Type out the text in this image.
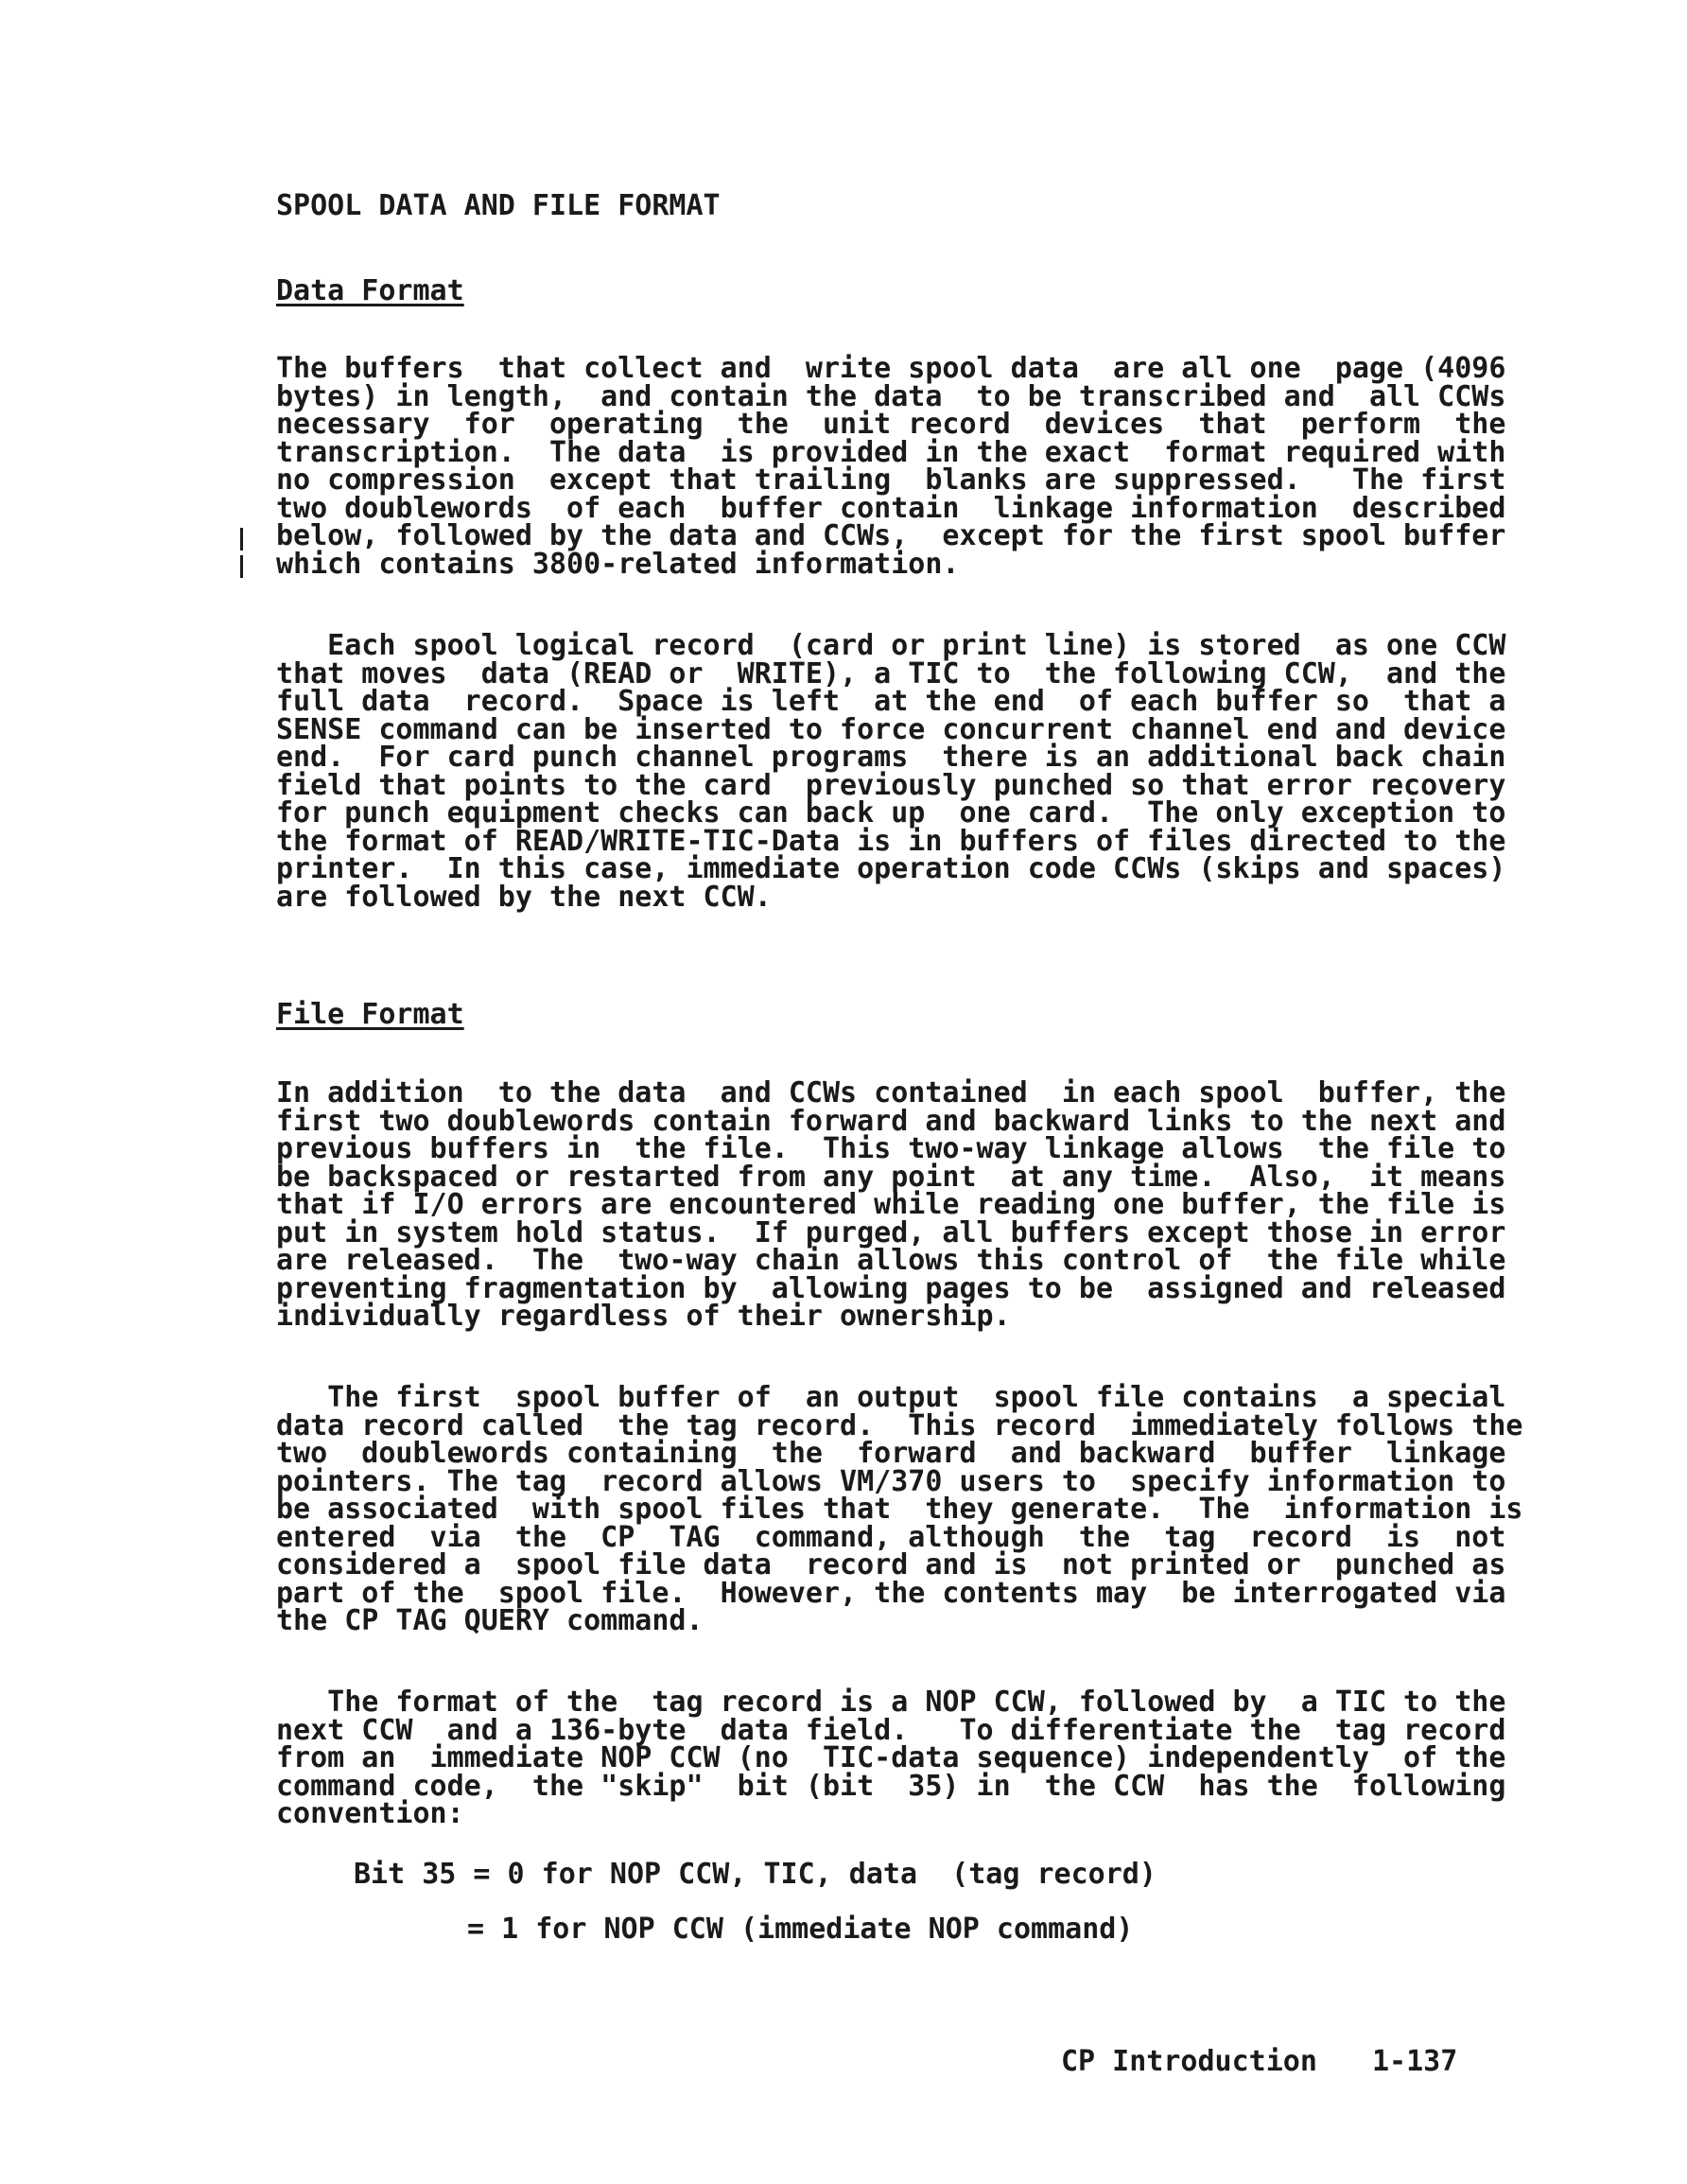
SPOOL DATA AND FILE FORMAT
Data Format
The buffers  that collect and  write spool data  are all one  page (4096
bytes) in length,  and contain the data  to be transcribed and  all CCWs
necessary  for  operating  the  unit record  devices  that  perform  the
transcription.  The data  is provided in the exact  format required with
no compression  except that trailing  blanks are suppressed.   The first
two doublewords  of each  buffer contain  linkage information  described
below, followed by the data and CCWs,  except for the first spool buffer
which contains 3800-related information.
Each spool logical record  (card or print line) is stored  as one CCW
that moves  data (READ or  WRITE), a TIC to  the following CCW,  and the
full data  record.  Space is left  at the end  of each buffer so  that a
SENSE command can be inserted to force concurrent channel end and device
end.  For card punch channel programs  there is an additional back chain
field that points to the card  previously punched so that error recovery
for punch equipment checks can back up  one card.  The only exception to
the format of READ/WRITE-TIC-Data is in buffers of files directed to the
printer.  In this case, immediate operation code CCWs (skips and spaces)
are followed by the next CCW.
File Format
In addition  to the data  and CCWs contained  in each spool  buffer, the
first two doublewords contain forward and backward links to the next and
previous buffers in  the file.  This two-way linkage allows  the file to
be backspaced or restarted from any point  at any time.  Also,  it means
that if I/O errors are encountered while reading one buffer, the file is
put in system hold status.  If purged, all buffers except those in error
are released.  The  two-way chain allows this control of  the file while
preventing fragmentation by  allowing pages to be  assigned and released
individually regardless of their ownership.
The first  spool buffer of  an output  spool file contains  a special
data record called  the tag record.  This record  immediately follows the
two  doublewords containing  the  forward  and backward  buffer  linkage
pointers. The tag  record allows VM/370 users to  specify information to
be associated  with spool files that  they generate.  The  information is
entered  via  the  CP  TAG  command, although  the  tag  record  is  not
considered a  spool file data  record and is  not printed or  punched as
part of the  spool file.  However, the contents may  be interrogated via
the CP TAG QUERY command.
The format of the  tag record is a NOP CCW, followed by  a TIC to the
next CCW  and a 136-byte  data field.   To differentiate the  tag record
from an  immediate NOP CCW (no  TIC-data sequence) independently  of the
command code,  the "skip"  bit (bit  35) in  the CCW  has the  following
convention:
Bit 35 = 0 for NOP CCW, TIC, data  (tag record)
= 1 for NOP CCW (immediate NOP command)
CP Introduction 1-137
